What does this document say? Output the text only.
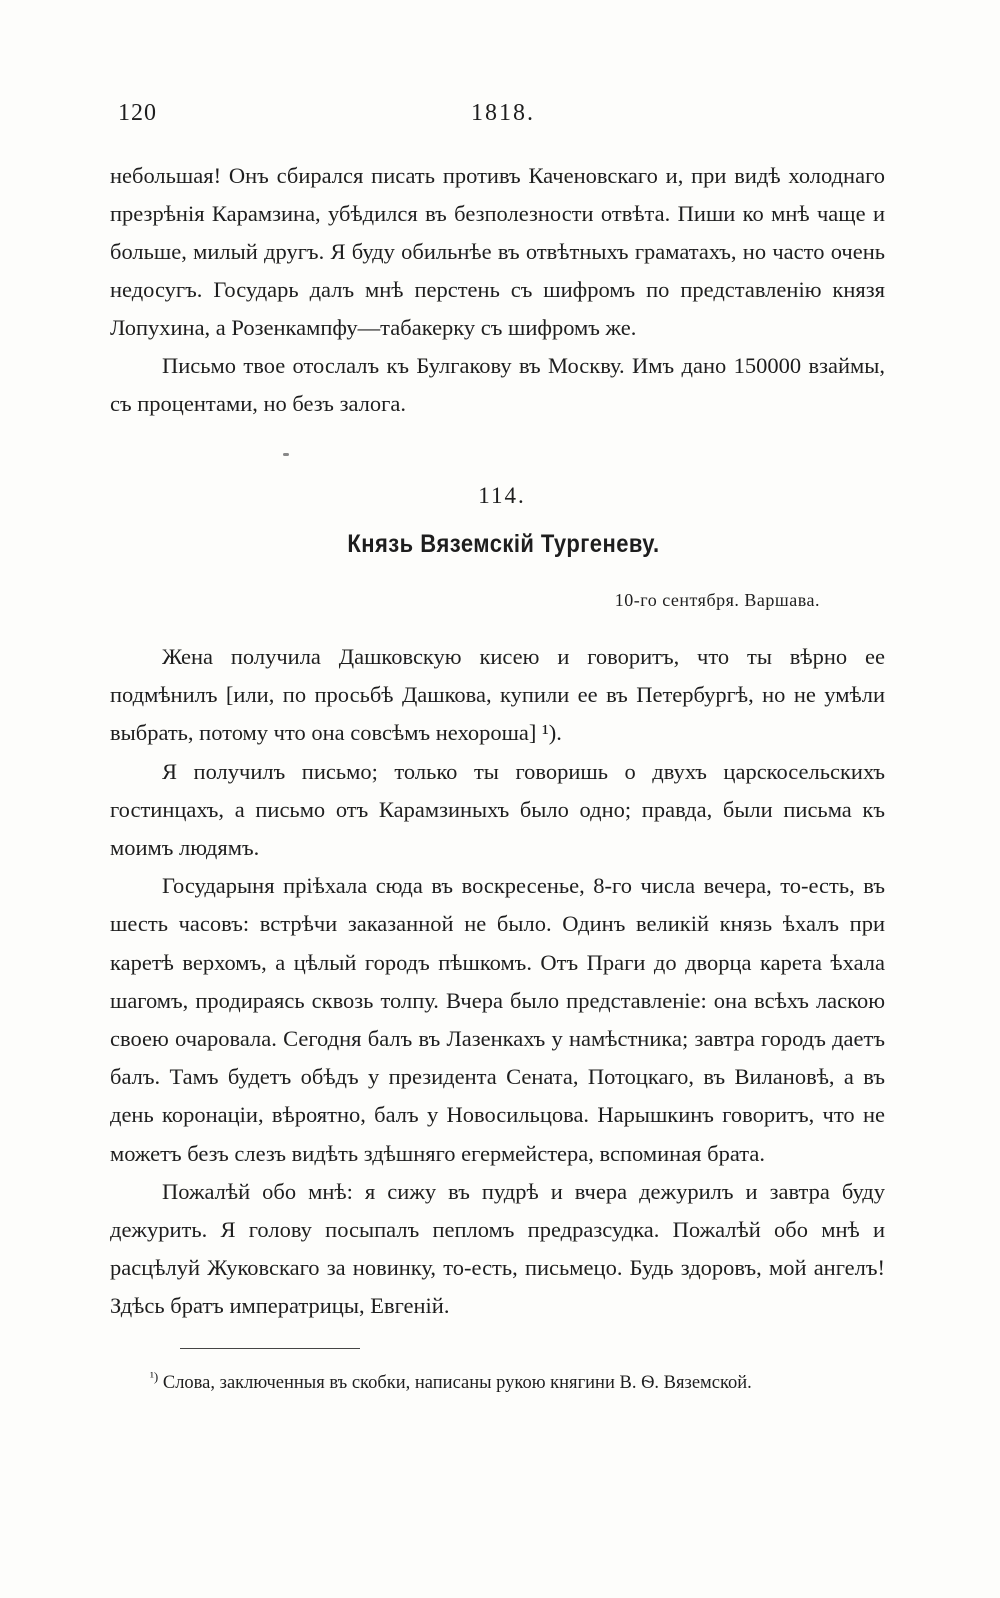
120	1818.

небольшая! Онъ сбирался писать противъ Каченовскаго и, при видѣ холоднаго презрѣнія Карамзина, убѣдился въ безполезности отвѣта. Пиши ко мнѣ чаще и больше, милый другъ. Я буду обильнѣе въ отвѣтныхъ граматахъ, но часто очень недосугъ. Государь далъ мнѣ перстень съ шифромъ по представленію князя Лопухина, а Розенкампфу—табакерку съ шифромъ же.

Письмо твое отослалъ къ Булгакову въ Москву. Имъ дано 150000 взаймы, съ процентами, но безъ залога.

114.
Князь Вяземскій Тургеневу.
10-го сентября. Варшава.

Жена получила Дашковскую кисею и говоритъ, что ты вѣрно ее подмѣнилъ [или, по просьбѣ Дашкова, купили ее въ Петербургѣ, но не умѣли выбрать, потому что она совсѣмъ нехороша] ¹).

Я получилъ письмо; только ты говоришь о двухъ царскосельскихъ гостинцахъ, а письмо отъ Карамзиныхъ было одно; правда, были письма къ моимъ людямъ.

Государыня пріѣхала сюда въ воскресенье, 8-го числа вечера, то-есть, въ шесть часовъ: встрѣчи заказанной не было. Одинъ великій князь ѣхалъ при каретѣ верхомъ, а цѣлый городъ пѣшкомъ. Отъ Праги до дворца карета ѣхала шагомъ, продираясь сквозь толпу. Вчера было представленіе: она всѣхъ ласкою своею очаровала. Сегодня балъ въ Лазенкахъ у намѣстника; завтра городъ даетъ балъ. Тамъ будетъ обѣдъ у президента Сената, Потоцкаго, въ Вилановѣ, а въ день коронаціи, вѣроятно, балъ у Новосильцова. Нарышкинъ говоритъ, что не можетъ безъ слезъ видѣть здѣшняго егермейстера, вспоминая брата.

Пожалѣй обо мнѣ: я сижу въ пудрѣ и вчера дежурилъ и завтра буду дежурить. Я голову посыпалъ пепломъ предразсудка. Пожалѣй обо мнѣ и расцѣлуй Жуковскаго за новинку, то-есть, письмецо. Будь здоровъ, мой ангелъ! Здѣсь братъ императрицы, Евгеній.

$^{^1)}$ Слова, заключенныя въ скобки, написаны рукою княгини В. Ѳ. Вяземской.
